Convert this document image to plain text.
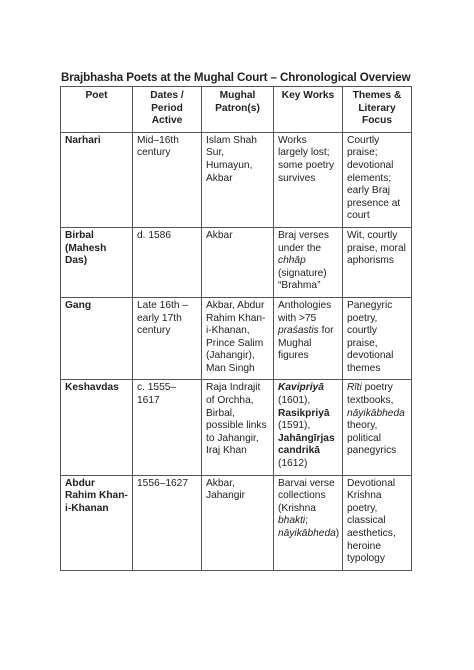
Brajbhasha Poets at the Mughal Court – Chronological Overview
Poet	Dates / Period Active	Mughal Patron(s)	Key Works	Themes & Literary Focus
Narhari	Mid–16th century	Islam Shah Sur, Humayun, Akbar	Works largely lost; some poetry survives	Courtly praise; devotional elements; early Braj presence at court
Birbal (Mahesh Das)	d. 1586	Akbar	Braj verses under the chhāp (signature) “Brahma”	Wit, courtly praise, moral aphorisms
Gang	Late 16th – early 17th century	Akbar, Abdur Rahim Khan-i-Khanan, Prince Salim (Jahangir), Man Singh	Anthologies with >75 praśastis for Mughal figures	Panegyric poetry, courtly praise, devotional themes
Keshavdas	c. 1555–1617	Raja Indrajit of Orchha, Birbal, possible links to Jahangir, Iraj Khan	Kavipriyā (1601), Rasikpriyā (1591), Jahāngīrjas candrikā (1612)	Rīti poetry textbooks, nāyikābheda theory, political panegyrics
Abdur Rahim Khan-i-Khanan	1556–1627	Akbar, Jahangir	Barvai verse collections (Krishna bhakti; nāyikābheda)	Devotional Krishna poetry, classical aesthetics, heroine typology
